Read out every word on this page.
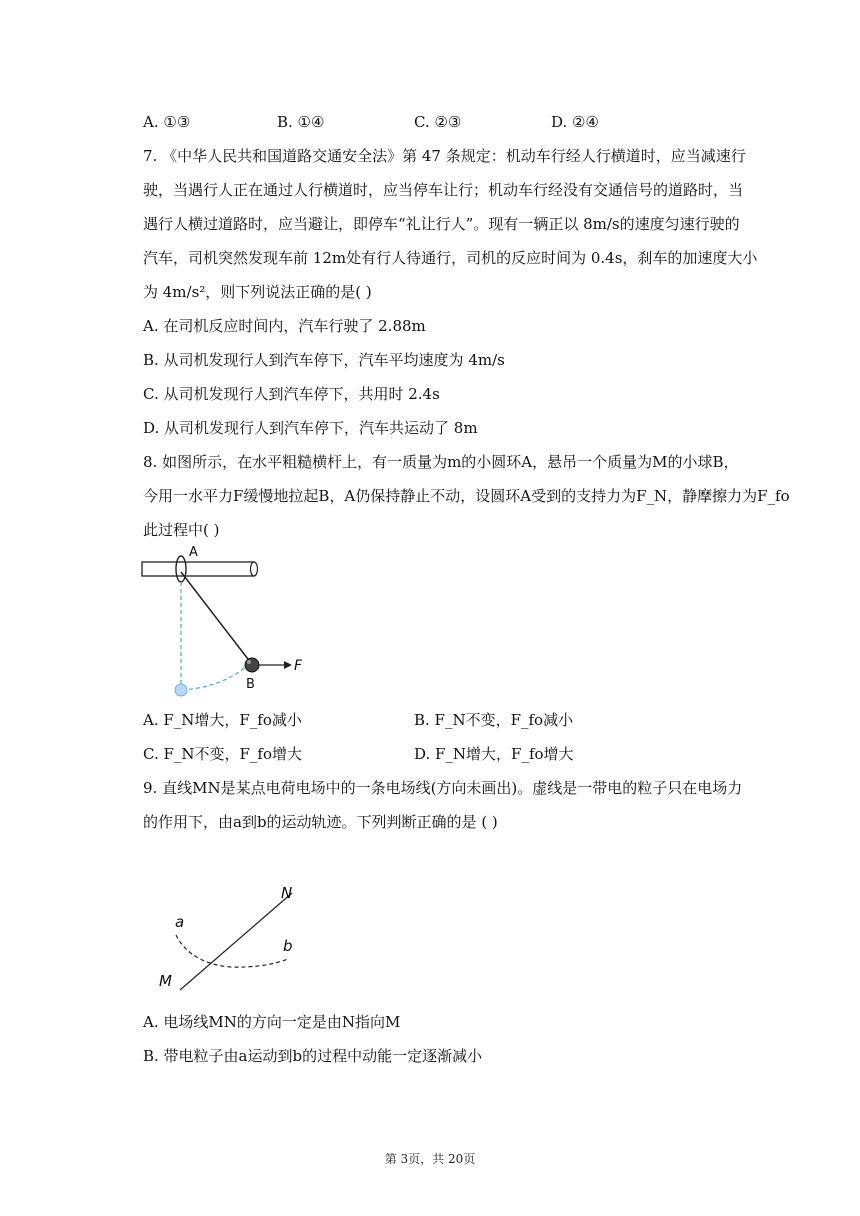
A. ①③	B. ①④	C. ②③	D. ②④
7. 《中华人民共和国道路交通安全法》第 47 条规定：机动车行经人行横道时，应当减速行
驶，当遇行人正在通过人行横道时，应当停车让行；机动车行经没有交通信号的道路时，当
遇行人横过道路时，应当避让，即停车“礼让行人”。现有一辆正以 8m/s的速度匀速行驶的
汽车，司机突然发现车前 12m处有行人待通行，司机的反应时间为 0.4s，刹车的加速度大小
为 4m/s²，则下列说法正确的是( )
A. 在司机反应时间内，汽车行驶了 2.88m
B. 从司机发现行人到汽车停下，汽车平均速度为 4m/s
C. 从司机发现行人到汽车停下，共用时 2.4s
D. 从司机发现行人到汽车停下，汽车共运动了 8m
8. 如图所示，在水平粗糙横杆上，有一质量为m的小圆环A，悬吊一个质量为M的小球B，
今用一水平力F缓慢地拉起B，A仍保持静止不动，设圆环A受到的支持力为F_N，静摩擦力为F_fo
此过程中( )
A
B
F
A. F_N增大，F_fo减小	B. F_N不变，F_fo减小
C. F_N不变，F_fo增大	D. F_N增大，F_fo增大
9. 直线MN是某点电荷电场中的一条电场线(方向未画出)。虚线是一带电的粒子只在电场力
的作用下，由a到b的运动轨迹。下列判断正确的是 ( )
N
M
a
b
A. 电场线MN的方向一定是由N指向M
B. 带电粒子由a运动到b的过程中动能一定逐渐减小
第 3页，共 20页
